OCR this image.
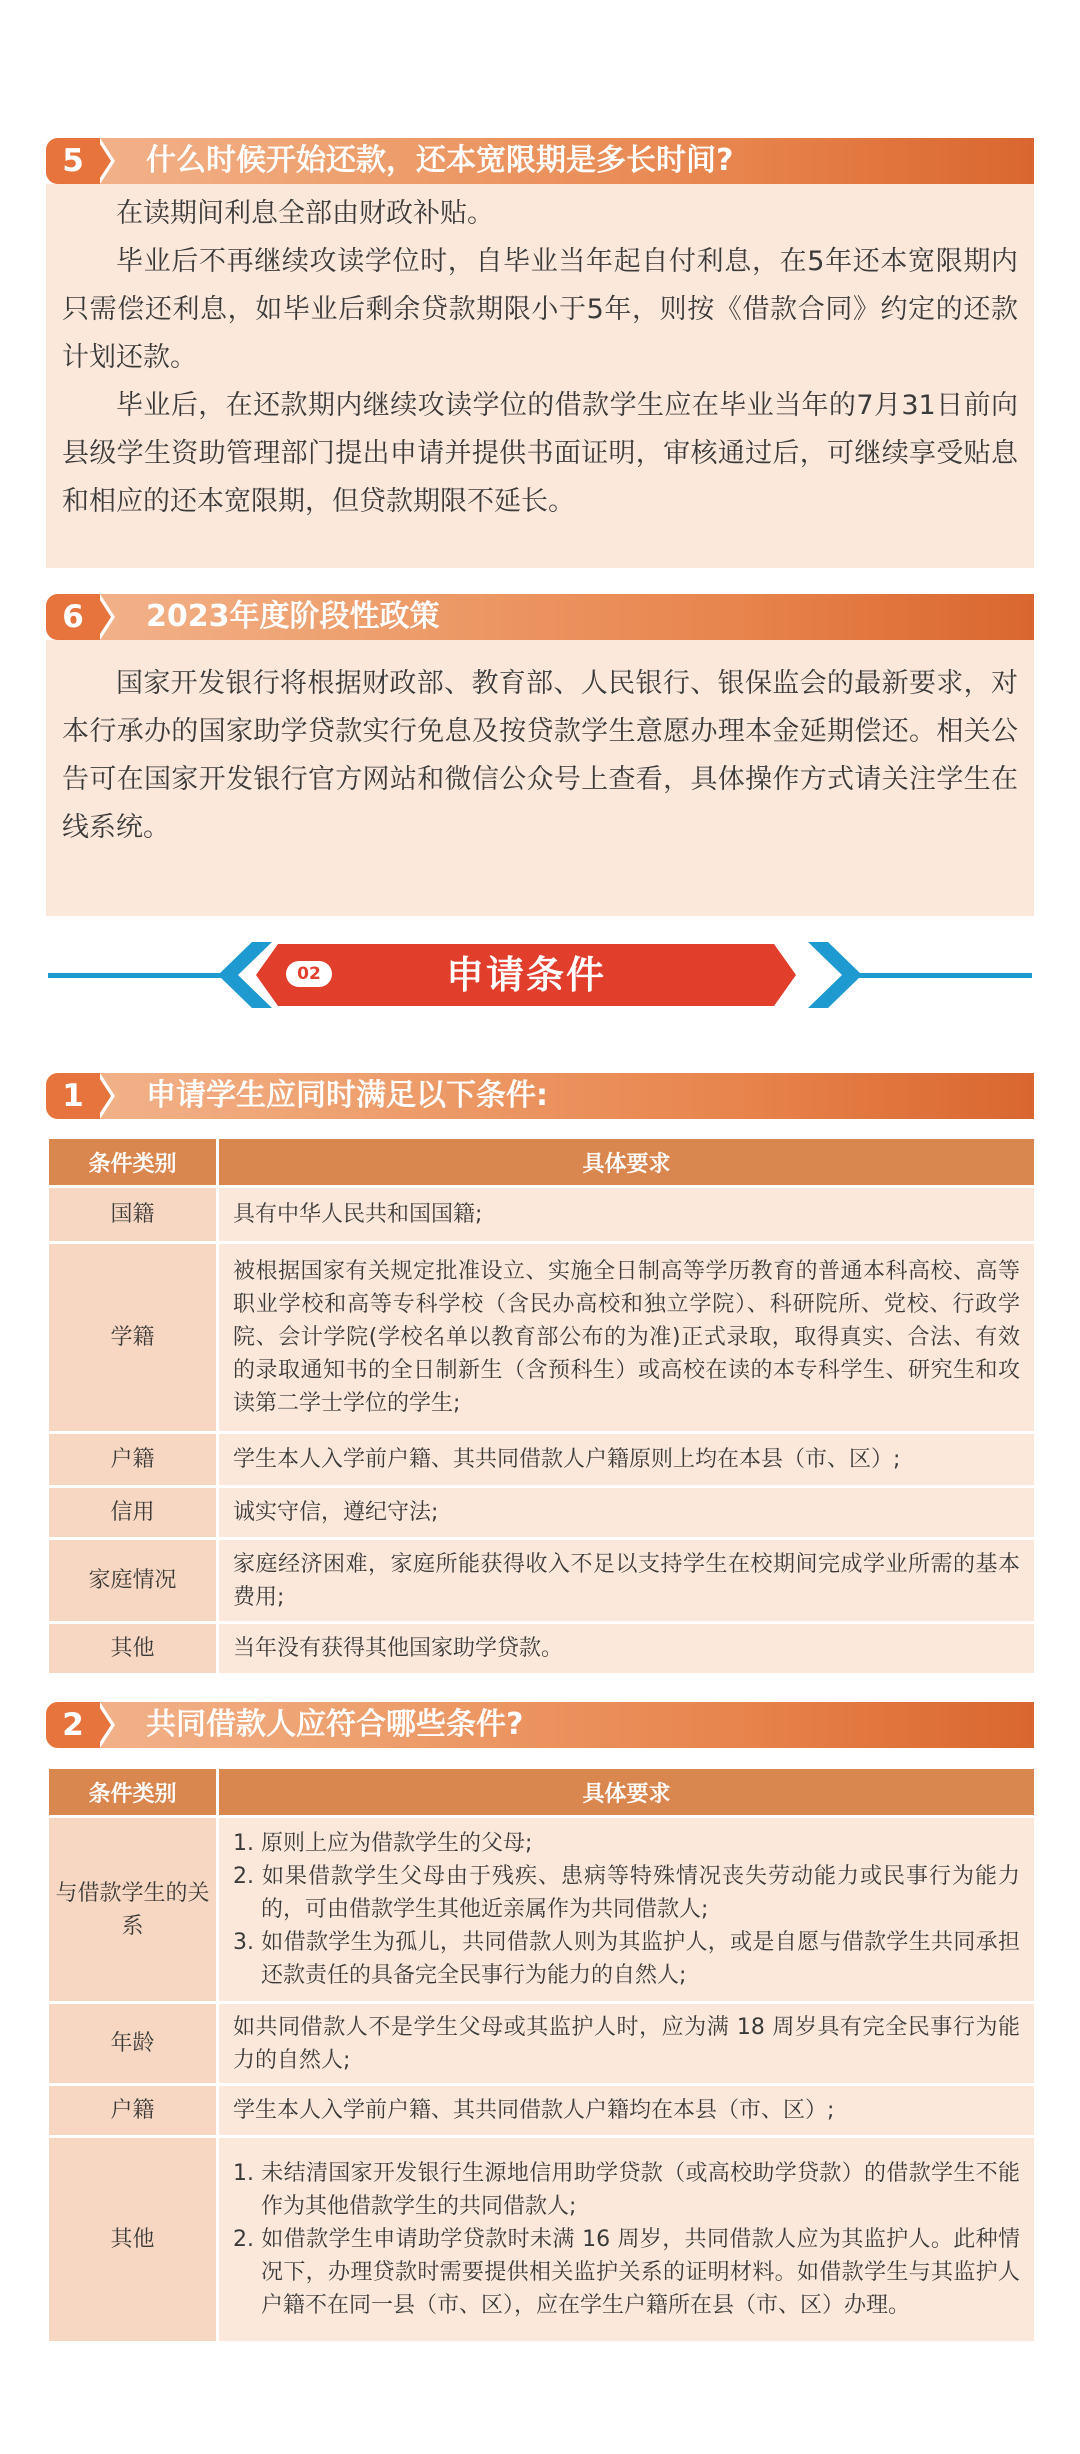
在读期间利息全部由财政补贴。

毕业后不再继续攻读学位时，自毕业当年起自付利息，在5年还本宽限期内只需偿还利息，如毕业后剩余贷款期限小于5年，则按《借款合同》约定的还款计划还款。

毕业后，在还款期内继续攻读学位的借款学生应在毕业当年的7月31日前向县级学生资助管理部门提出申请并提供书面证明，审核通过后，可继续享受贴息和相应的还本宽限期，但贷款期限不延长。

5	什么时候开始还款，还本宽限期是多长时间?

国家开发银行将根据财政部、教育部、人民银行、银保监会的最新要求，对本行承办的国家助学贷款实行免息及按贷款学生意愿办理本金延期偿还。相关公告可在国家开发银行官方网站和微信公众号上查看，具体操作方式请关注学生在线系统。

6	2023年度阶段性政策
申请条件
02
1	申请学生应同时满足以下条件:
条件类别	具体要求
国籍	具有中华人民共和国国籍;
学籍	被根据国家有关规定批准设立、实施全日制高等学历教育的普通本科高校、高等职业学校和高等专科学校（含民办高校和独立学院）、科研院所、党校、行政学院、会计学院(学校名单以教育部公布的为准)正式录取，取得真实、合法、有效的录取通知书的全日制新生（含预科生）或高校在读的本专科学生、研究生和攻读第二学士学位的学生;
户籍	学生本人入学前户籍、其共同借款人户籍原则上均在本县（市、区）;
信用	诚实守信，遵纪守法;
家庭情况	家庭经济困难，家庭所能获得收入不足以支持学生在校期间完成学业所需的基本费用;
其他	当年没有获得其他国家助学贷款。
2	共同借款人应符合哪些条件?
条件类别	具体要求
与借款学生的关系	1. 原则上应为借款学生的父母;
2. 如果借款学生父母由于残疾、患病等特殊情况丧失劳动能力或民事行为能力的，可由借款学生其他近亲属作为共同借款人;
3. 如借款学生为孤儿，共同借款人则为其监护人，或是自愿与借款学生共同承担还款责任的具备完全民事行为能力的自然人;

年龄	如共同借款人不是学生父母或其监护人时，应为满 18 周岁具有完全民事行为能力的自然人;
户籍	学生本人入学前户籍、其共同借款人户籍均在本县（市、区）;
其他	1. 未结清国家开发银行生源地信用助学贷款（或高校助学贷款）的借款学生不能作为其他借款学生的共同借款人;
2. 如借款学生申请助学贷款时未满 16 周岁，共同借款人应为其监护人。此种情况下，办理贷款时需要提供相关监护关系的证明材料。如借款学生与其监护人户籍不在同一县（市、区），应在学生户籍所在县（市、区）办理。
